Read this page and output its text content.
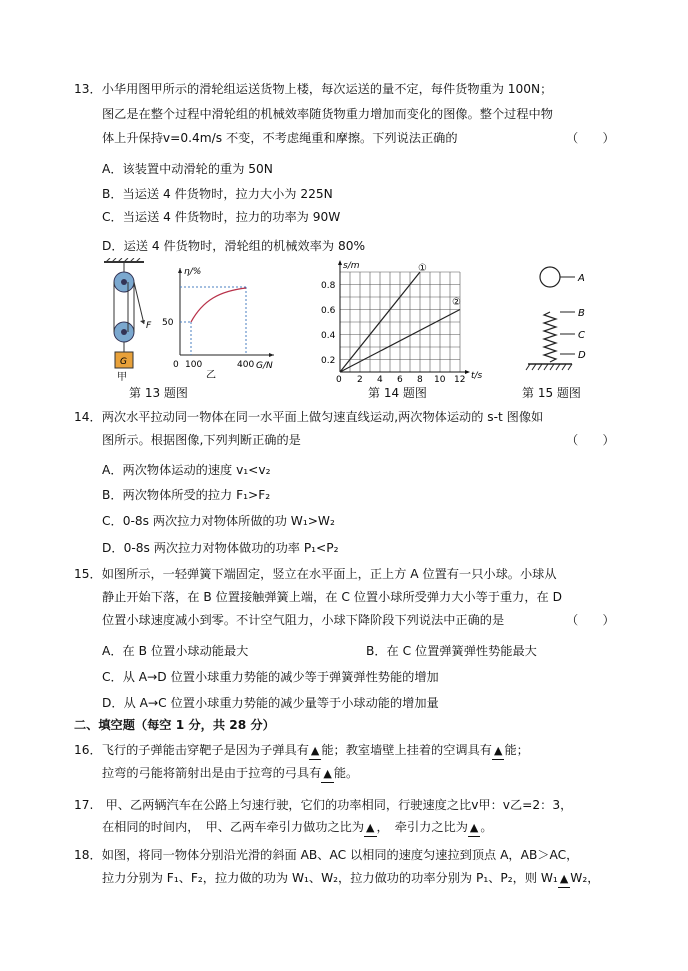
13．小华用图甲所示的滑轮组运送货物上楼，每次运送的量不定，每件货物重为 100N；
图乙是在整个过程中滑轮组的机械效率随货物重力增加而变化的图像。整个过程中物
体上升保持v=0.4m/s 不变，不考虑绳重和摩擦。下列说法正确的	（　　）
A．该装置中动滑轮的重为 50N
B．当运送 4 件货物时，拉力大小为 225N
C．当运送 4 件货物时，拉力的功率为 90W
D．运送 4 件货物时，滑轮组的机械效率为 80%
F
G
甲
η/%
G/N
50
0 100	400
乙
第 13 题图
①
②
s/m
t/s
0.8
0.6
0.4
0.2
0 2 4 6 8 10 12
第 14 题图
A
B
C
D
第 15 题图
14．两次水平拉动同一物体在同一水平面上做匀速直线运动,两次物体运动的 s-t 图像如
图所示。根据图像,下列判断正确的是	（　　）
A．两次物体运动的速度 v₁<v₂
B．两次物体所受的拉力 F₁>F₂
C．0-8s 两次拉力对物体所做的功 W₁>W₂
D．0-8s 两次拉力对物体做功的功率 P₁<P₂
15．如图所示，一轻弹簧下端固定，竖立在水平面上，正上方 A 位置有一只小球。小球从
静止开始下落，在 B 位置接触弹簧上端，在 C 位置小球所受弹力大小等于重力，在 D
位置小球速度减小到零。不计空气阻力，小球下降阶段下列说法中正确的是	（　　）
A．在 B 位置小球动能最大	B．在 C 位置弹簧弹性势能最大
C．从 A→D 位置小球重力势能的减少等于弹簧弹性势能的增加
D．从 A→C 位置小球重力势能的减少量等于小球动能的增加量
二、填空题（每空 1 分，共 28 分）
16．飞行的子弹能击穿靶子是因为子弹具有 ▲ 能；教室墙壁上挂着的空调具有 ▲ 能；
拉弯的弓能将箭射出是由于拉弯的弓具有 ▲ 能。
17.　甲、乙两辆汽车在公路上匀速行驶，它们的功率相同，行驶速度之比v甲：v乙=2：3，
在相同的时间内，　甲、乙两车牵引力做功之比为 ▲ ，　牵引力之比为 ▲ 。
18．如图，将同一物体分别沿光滑的斜面 AB、AC 以相同的速度匀速拉到顶点 A，AB＞AC，
拉力分别为 F₁、F₂，拉力做的功为 W₁、W₂，拉力做功的功率分别为 P₁、P₂，则 W₁ ▲ W₂，
